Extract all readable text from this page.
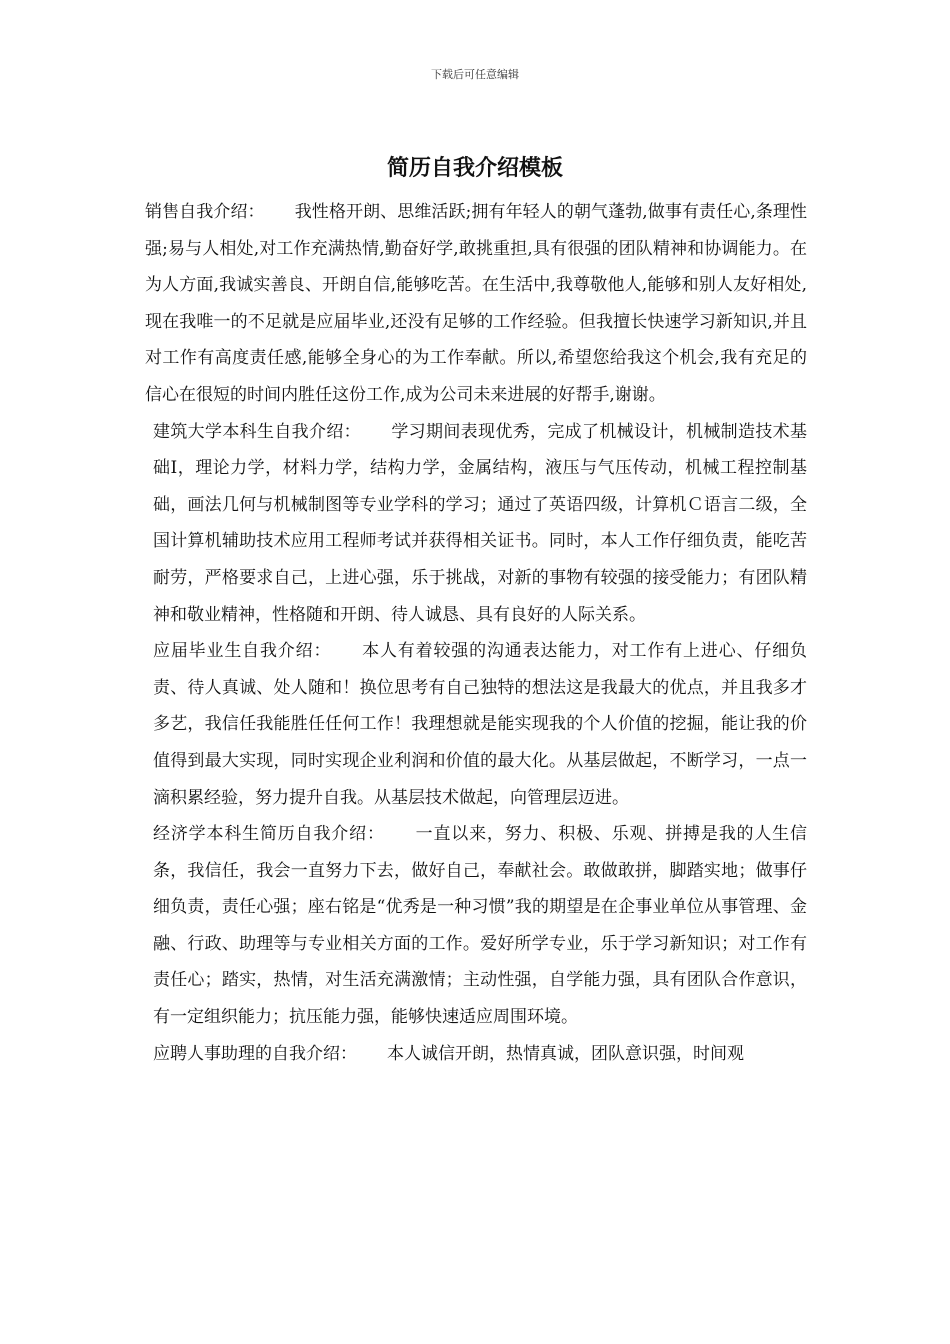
下载后可任意编辑
简历自我介绍模板

销售自我介绍： 我性格开朗、思维活跃;拥有年轻人的朝气蓬勃,做事有责任心,条理性强;易与人相处,对工作充满热情,勤奋好学,敢挑重担,具有很强的团队精神和协调能力。在为人方面,我诚实善良、开朗自信,能够吃苦。在生活中,我尊敬他人,能够和别人友好相处,现在我唯一的不足就是应届毕业,还没有足够的工作经验。但我擅长快速学习新知识,并且对工作有高度责任感,能够全身心的为工作奉献。所以,希望您给我这个机会,我有充足的信心在很短的时间内胜任这份工作,成为公司未来进展的好帮手,谢谢。

建筑大学本科生自我介绍： 学习期间表现优秀，完成了机械设计，机械制造技术基础Ⅰ，理论力学，材料力学，结构力学，金属结构，液压与气压传动，机械工程控制基础，画法几何与机械制图等专业学科的学习；通过了英语四级，计算机Ｃ语言二级，全国计算机辅助技术应用工程师考试并获得相关证书。同时，本人工作仔细负责，能吃苦耐劳，严格要求自己，上进心强，乐于挑战，对新的事物有较强的接受能力；有团队精神和敬业精神，性格随和开朗、待人诚恳、具有良好的人际关系。

应届毕业生自我介绍： 本人有着较强的沟通表达能力，对工作有上进心、仔细负责、待人真诚、处人随和！换位思考有自己独特的想法这是我最大的优点，并且我多才多艺，我信任我能胜任任何工作！我理想就是能实现我的个人价值的挖掘，能让我的价值得到最大实现，同时实现企业利润和价值的最大化。从基层做起，不断学习，一点一滴积累经验，努力提升自我。从基层技术做起，向管理层迈进。

经济学本科生简历自我介绍： 一直以来，努力、积极、乐观、拼搏是我的人生信条，我信任，我会一直努力下去，做好自己，奉献社会。敢做敢拼，脚踏实地；做事仔细负责，责任心强；座右铭是“优秀是一种习惯”我的期望是在企事业单位从事管理、金融、行政、助理等与专业相关方面的工作。爱好所学专业，乐于学习新知识；对工作有责任心；踏实，热情，对生活充满激情；主动性强，自学能力强，具有团队合作意识，有一定组织能力；抗压能力强，能够快速适应周围环境。

应聘人事助理的自我介绍： 本人诚信开朗，热情真诚，团队意识强，时间观
